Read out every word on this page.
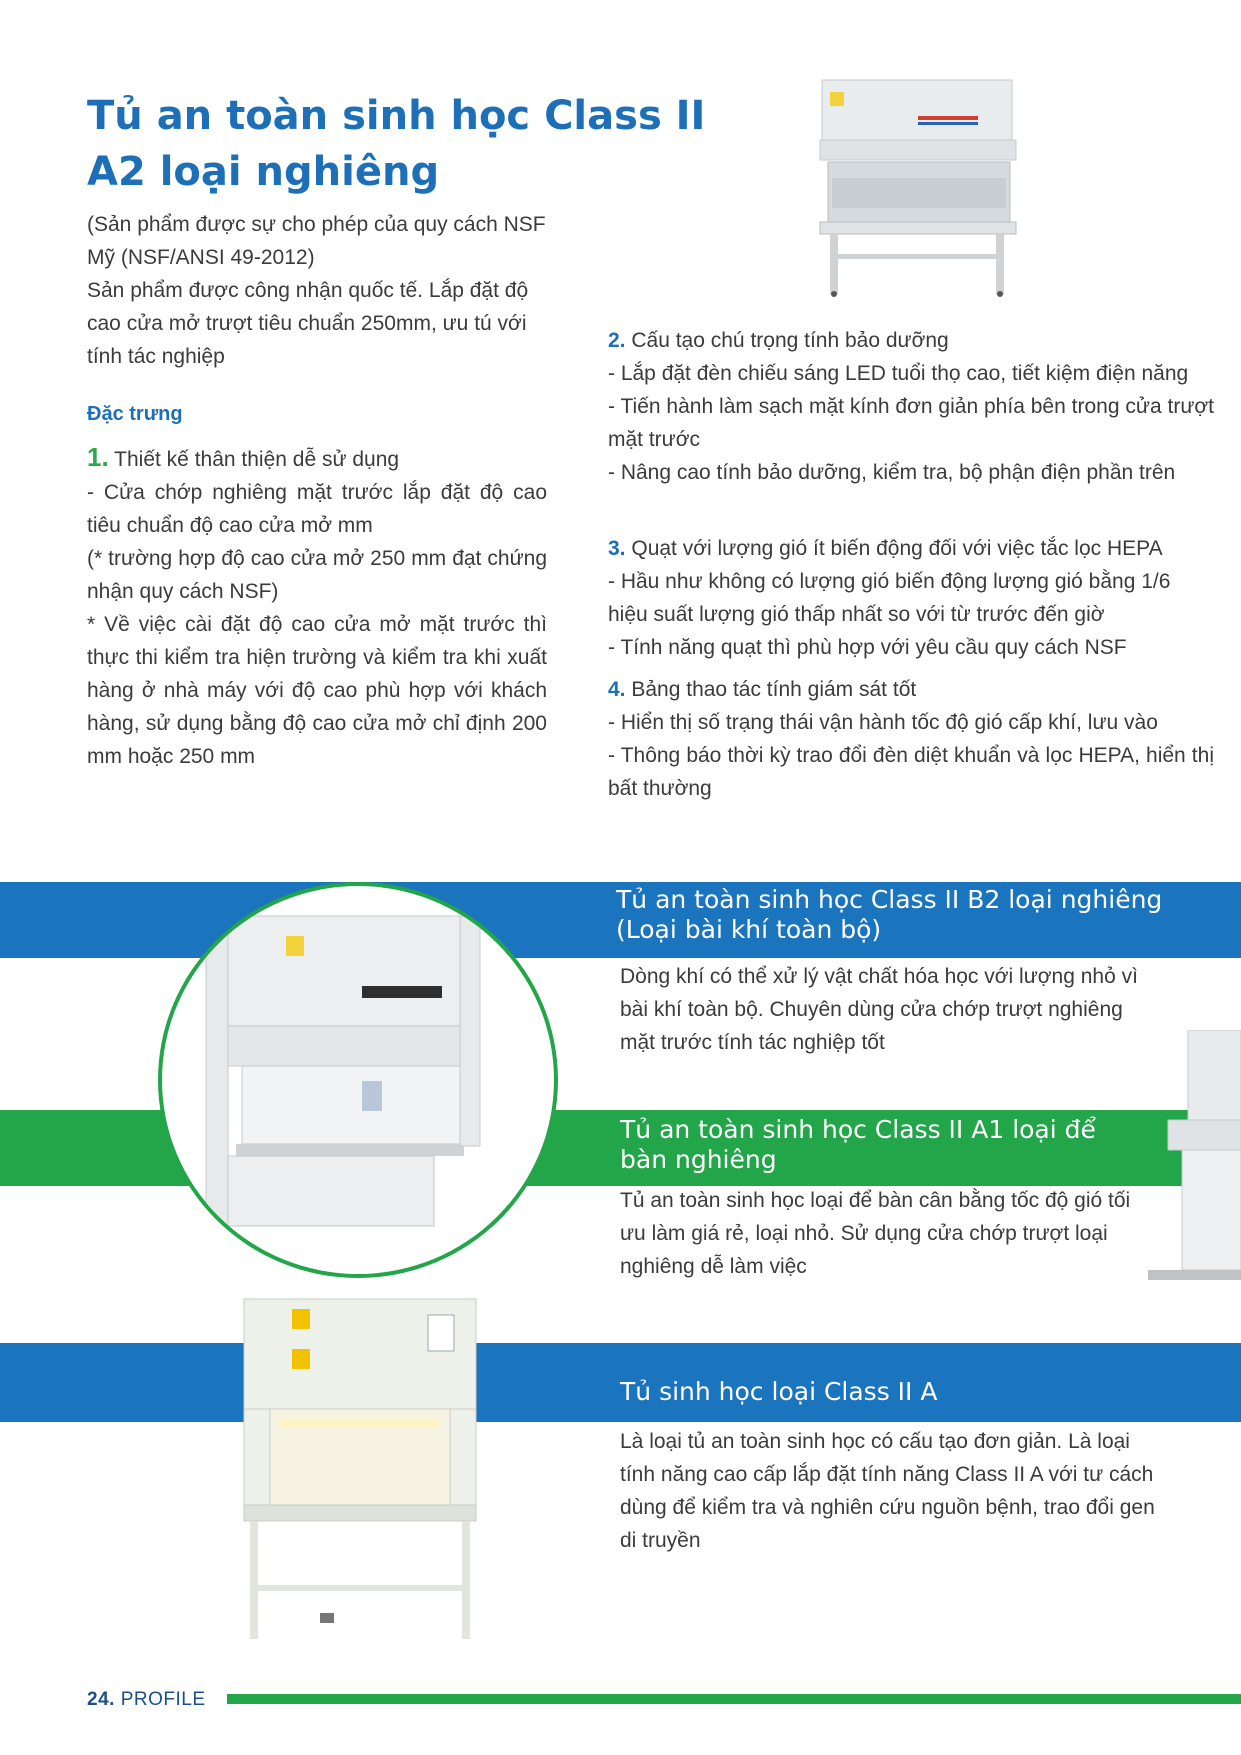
Tủ an toàn sinh học Class II A2 loại nghiêng

(Sản phẩm được sự cho phép của quy cách NSF Mỹ (NSF/ANSI 49-2012)

Sản phẩm được công nhận quốc tế. Lắp đặt độ cao cửa mở trượt tiêu chuẩn 250mm, ưu tú với tính tác nghiệp

Đặc trưng

1. Thiết kế thân thiện dễ sử dụng

- Cửa chớp nghiêng mặt trước lắp đặt độ cao tiêu chuẩn độ cao cửa mở mm

(* trường hợp độ cao cửa mở 250 mm đạt chứng nhận quy cách NSF)

* Về việc cài đặt độ cao cửa mở mặt trước thì thực thi kiểm tra hiện trường và kiểm tra khi xuất hàng ở nhà máy với độ cao phù hợp với khách hàng, sử dụng bằng độ cao cửa mở chỉ định 200 mm hoặc 250 mm

2. Cấu tạo chú trọng tính bảo dưỡng

- Lắp đặt đèn chiếu sáng LED tuổi thọ cao, tiết kiệm điện năng

- Tiến hành làm sạch mặt kính đơn giản phía bên trong cửa trượt mặt trước

- Nâng cao tính bảo dưỡng, kiểm tra, bộ phận điện phần trên

3. Quạt với lượng gió ít biến động đối với việc tắc lọc HEPA

- Hầu như không có lượng gió biến động lượng gió bằng 1/6 hiệu suất lượng gió thấp nhất so với từ trước đến giờ

- Tính năng quạt thì phù hợp với yêu cầu quy cách NSF

4. Bảng thao tác tính giám sát tốt

- Hiển thị số trạng thái vận hành tốc độ gió cấp khí, lưu vào

- Thông báo thời kỳ trao đổi đèn diệt khuẩn và lọc HEPA, hiển thị bất thường

Tủ an toàn sinh học Class II B2 loại nghiêng

(Loại bài khí toàn bộ)

Dòng khí có thể xử lý vật chất hóa học với lượng nhỏ vì bài khí toàn bộ. Chuyên dùng cửa chớp trượt nghiêng mặt trước tính tác nghiệp tốt

Tủ an toàn sinh học Class II A1 loại để

bàn nghiêng

Tủ an toàn sinh học loại để bàn cân bằng tốc độ gió tối ưu làm giá rẻ, loại nhỏ. Sử dụng cửa chớp trượt loại nghiêng dễ làm việc

Tủ sinh học loại Class II A

Là loại tủ an toàn sinh học có cấu tạo đơn giản. Là loại tính năng cao cấp lắp đặt tính năng Class II A với tư cách dùng để kiểm tra và nghiên cứu nguồn bệnh, trao đổi gen di truyền

24. PROFILE
